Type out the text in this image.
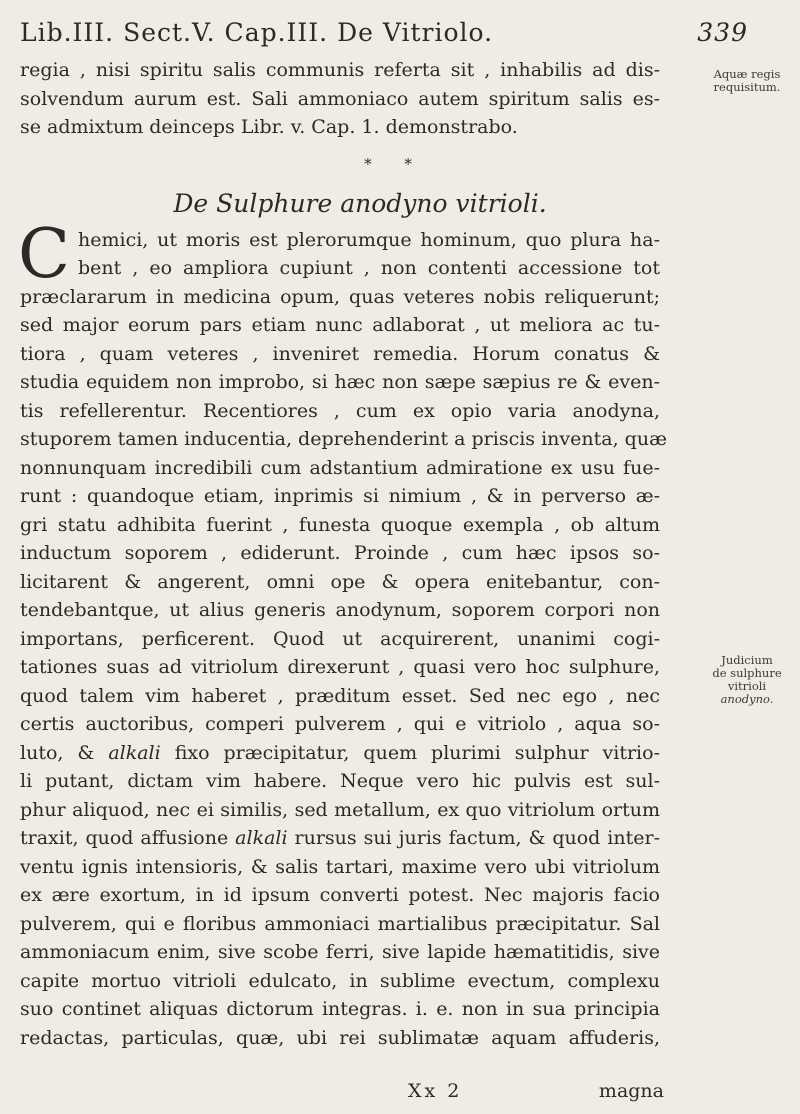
Lib.III. Sect.V. Cap.III. De Vitriolo.	339
regia , nisi spiritu salis communis referta sit , inhabilis ad dis-
solvendum aurum est. Sali ammoniaco autem spiritum salis es-
se admixtum deinceps Libr. v. Cap. 1. demonstrabo.
* *
De Sulphure anodyno vitrioli.
C hemici, ut moris est plerorumque hominum, quo plura ha-
bent , eo ampliora cupiunt , non contenti accessione tot
præclararum in medicina opum, quas veteres nobis reliquerunt;
sed major eorum pars etiam nunc adlaborat , ut meliora ac tu-
tiora , quam veteres , inveniret remedia. Horum conatus &
studia equidem non improbo, si hæc non sæpe sæpius re & even-
tis refellerentur. Recentiores , cum ex opio varia anodyna,
stuporem tamen inducentia, deprehenderint a priscis inventa, quæ
nonnunquam incredibili cum adstantium admiratione ex usu fue-
runt : quandoque etiam, inprimis si nimium , & in perverso æ-
gri statu adhibita fuerint , funesta quoque exempla , ob altum
inductum soporem , ediderunt. Proinde , cum hæc ipsos so-
licitarent & angerent, omni ope & opera enitebantur, con-
tendebantque, ut alius generis anodynum, soporem corpori non
importans, perficerent. Quod ut acquirerent, unanimi cogi-
tationes suas ad vitriolum direxerunt , quasi vero hoc sulphure,
quod talem vim haberet , præditum esset. Sed nec ego , nec
certis auctoribus, comperi pulverem , qui e vitriolo , aqua so-
luto, & alkali fixo præcipitatur, quem plurimi sulphur vitrio-
li putant, dictam vim habere. Neque vero hic pulvis est sul-
phur aliquod, nec ei similis, sed metallum, ex quo vitriolum ortum
traxit, quod affusione alkali rursus sui juris factum, & quod inter-
ventu ignis intensioris, & salis tartari, maxime vero ubi vitriolum
ex ære exortum, in id ipsum converti potest. Nec majoris facio
pulverem, qui e floribus ammoniaci martialibus præcipitatur. Sal
ammoniacum enim, sive scobe ferri, sive lapide hæmatitidis, sive
capite mortuo vitrioli edulcato, in sublime evectum, complexu
suo continet aliquas dictorum integras. i. e. non in sua principia
redactas, particulas, quæ, ubi rei sublimatæ aquam affuderis,
Aquæ regis
requisitum.
Judicium
de sulphure
vitrioli
anodyno.
Xx 2	magna
